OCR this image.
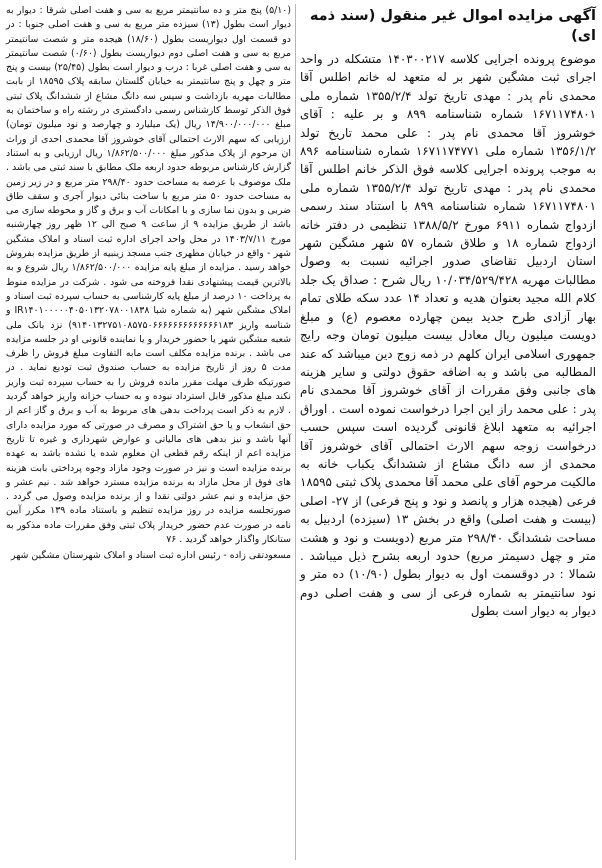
آگهی مزایده اموال غیر منقول (سند ذمه ای)

موضوع پرونده اجرایی کلاسه ۱۴۰۳۰۰۲۱۷ متشکله در واحد اجرای ثبت مشگین شهر بر له متعهد له خانم اطلس آقا محمدی نام پدر : مهدی تاریخ تولد ۱۳۵۵/۲/۴ شماره ملی ۱۶۷۱۱۷۴۸۰۱ شماره شناسنامه ۸۹۹ و بر علیه : آقای خوشروز آقا محمدی نام پدر : علی محمد تاریخ تولد ۱۳۵۶/۱/۲ شماره ملی ۱۶۷۱۱۷۴۷۷۱ شماره شناسنامه ۸۹۶ به موجب پرونده اجرایی کلاسه فوق الذکر خانم اطلس آقا محمدی نام پدر : مهدی تاریخ تولد ۱۳۵۵/۲/۴ شماره ملی ۱۶۷۱۱۷۴۸۰۱ شماره شناسنامه ۸۹۹ با استناد سند رسمی ازدواج شماره ۶۹۱۱ مورخ ۱۳۸۸/۵/۲ تنظیمی در دفتر خانه ازدواج شماره ۱۸ و طلاق شماره ۵۷ شهر مشگین شهر استان اردبیل تقاضای صدور اجرائیه نسبت به وصول مطالبات مهریه ۱۰/۰۳۴/۵۲۹/۴۲۸ ریال شرح : صداق یک جلد کلام الله مجید بعنوان هدیه و تعداد ۱۴ عدد سکه طلای تمام بهار آزادی طرح جدید بیمن چهارده معصوم (ع) و مبلغ دویست میلیون ریال معادل بیست میلیون تومان وجه رایج جمهوری اسلامی ایران کلهم در ذمه زوج دین میباشد که عند المطالبه می باشد و به اضافه حقوق دولتی و سایر هزینه های جانبی وفق مقررات از آقای خوشروز آقا محمدی نام پدر : علی محمد راز این اجرا درخواست نموده است . اوراق اجرائیه به متعهد ابلاغ قانونی گردیده است سپس حسب درخواست زوجه سهم الارث احتمالی آقای خوشروز آقا محمدی از سه دانگ مشاع از ششدانگ یکباب خانه به مالکیت مرحوم آقای علی محمد آقا محمدی پلاک ثبتی ۱۸۵۹۵ فرعی (هیجده هزار و پانصد و نود و پنج فرعی) از ۲۷- اصلی (بیست و هفت اصلی) واقع در بخش ۱۳ (سیزده) اردبیل به مساحت ششدانگ ۲۹۸/۴۰ متر مربع (دویست و نود و هشت متر و چهل دسیمتر مربع) حدود اربعه بشرح ذیل میباشد . شمالا : در دوقسمت اول به دیوار بطول (۱۰/۹۰) ده متر و نود سانتیمتر به شماره فرعی از سی و هفت اصلی دوم دیوار به دیوار است بطول

(۵/۱۰) پنج متر و ده سانتیمتر مربع به سی و هفت اصلی شرقا : دیوار به دیوار است بطول (۱۳) سیزده متر مربع به سی و هفت اصلی جنوبا : در دو قسمت اول دیواریست بطول (۱۸/۶۰) هیجده متر و شصت سانتیمتر مربع به سی و هفت اصلی دوم دیواریست بطول (۰/۶۰) شصت سانتیمتر به سی و هفت اصلی غربا : درب و دیوار است بطول (۲۵/۴۵) بیست و پنج متر و چهل و پنج سانتیمتر به خیابان گلستان سابقه پلاک ۱۸۵۹۵ از بابت مطالبات مهریه بازداشت و سپس سه دانگ مشاع از ششدانگ پلاک ثبتی فوق الذکر توسط کارشناس رسمی دادگستری در رشته راه و ساختمان به مبلغ ۱۴/۹۰۰/۰۰۰/۰۰۰ ریال (یک میلیارد و چهارصد و نود میلیون تومان) ارزیابی که سهم الارث احتمالی آقای خوشروز آقا محمدی احدی از وراث ان مرحوم از پلاک مذکور مبلغ ۱/۸۶۲/۵۰۰/۰۰۰ ریال ارزیابی و به استناد گزارش کارشناس مربوطه حدود اربعه ملک مطابق با سند ثبتی می باشد . ملک موصوف با عرصه به مساحت حدود ۲۹۸/۴۰ متر مربع و در زیر زمین به مساحت حدود ۵۰ متر مربع با ساخت بنائی دیوار آجری و سقف طاق ضربی و بدون نما سازی و با امکانات آب و برق و گاز و محوطه سازی می باشد از طریق مزایده ۹ از ساعت ۹ صبح الی ۱۲ ظهر روز چهارشنبه مورخ ۱۴۰۳/۷/۱۱ در محل واحد اجرای اداره ثبت اسناد و املاک مشگین شهر - واقع در خیابان مطهری جنب مسجد زینبیه از طریق مزایده بفروش خواهد رسید . مزایده از مبلغ پایه مزایده ۱/۸۶۲/۵۰۰/۰۰۰ ریال شروع و به بالاترین قیمت پیشنهادی نقدا فروخته می شود . شرکت در مزایده منوط به پرداخت ۱۰ درصد از مبلغ پایه کارشناسی به حساب سپرده ثبت اسناد و املاک مشگین شهر (به شماره شبا IR۱۴۰۱۰۰۰۰۰۴۰۵۰۱۳۲۰۷۸۰۰۱۸۳۸ و شناسه واریز ۹۱۴۰۱۳۲۷۵۱۰۸۵۷۵۰۶۶۶۶۶۶۶۶۶۶۶۶۶۱۸۳) نزد بانک ملی شعبه مشگین شهر یا حضور خریدار و یا نماینده قانونی او در جلسه مزایده می باشد . برنده مزایده مکلف است مابه التفاوت مبلغ فروش را ظرف مدت ۵ روز از تاریخ مزایده به حساب صندوق ثبت تودیع نماید . در صورتیکه ظرف مهلت مقرر مانده فروش را به حساب سپرده ثبت واریز نکند مبلغ مذکور قابل استرداد نبوده و به حساب خزانه واریز خواهد گردید . لازم به ذکر است پرداخت بدهی های مربوط به آب و برق و گاز اعم از حق انشعاب و یا حق اشتراک و مصرف در صورتی که مورد مزایده دارای آنها باشد و نیز بدهی های مالیاتی و عوارض شهرداری و غیره تا تاریخ مزایده اعم از اینکه رقم قطعی ان معلوم شده یا نشده باشد به عهده برنده مزایده است و نیز در صورت وجود مازاد وجوه پرداختی بابت هزینه های فوق از محل مازاد به برنده مزایده مسترد خواهد شد . نیم عشر و حق مزایده و نیم عشر دولتی نقدا و از برنده مزایده وصول می گردد . صورتجلسه مزایده در روز مزایده تنظیم و باستناد ماده ۱۳۹ مکرر آیین نامه در صورت عدم حضور خریدار پلاک ثبتی وفق مقررات ماده مذکور به ستانکار واگذار خواهد گردید . ۷۶

مسعودتقی زاده - رئیس اداره ثبت اسناد و املاک شهرستان مشگین شهر
